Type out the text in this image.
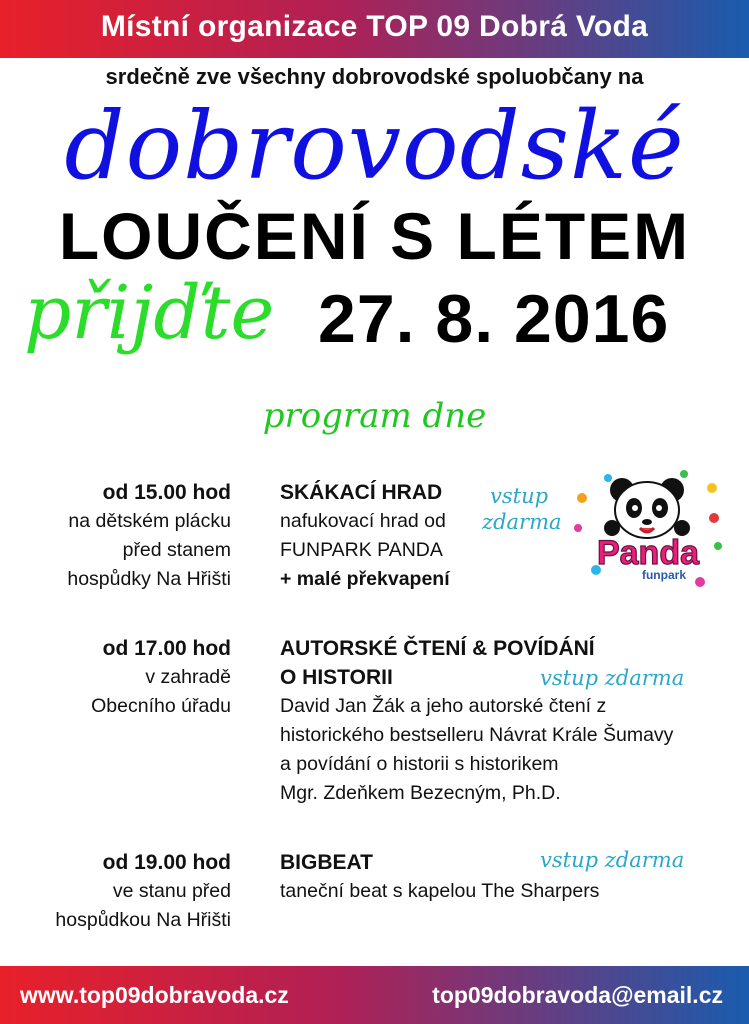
Místní organizace TOP 09 Dobrá Voda
srdečně zve všechny dobrovodské spoluobčany na
dobrovodské
LOUČENÍ S LÉTEM
přijďte 27. 8. 2016
program dne
od 15.00 hod
na dětském plácku
před stanem
hospůdky Na Hřišti
SKÁKACÍ HRAD
nafukovací hrad od
FUNPARK PANDA
+ malé překvapení
vstup
zdarma
Panda
funpark
od 17.00 hod
v zahradě
Obecního úřadu
AUTORSKÉ ČTENÍ & POVÍDÁNÍ
O HISTORII
David Jan Žák a jeho autorské čtení z
historického bestselleru Návrat Krále Šumavy
a povídání o historii s historikem
Mgr. Zdeňkem Bezecným, Ph.D.
vstup zdarma
od 19.00 hod
ve stanu před
hospůdkou Na Hřišti
BIGBEAT
taneční beat s kapelou The Sharpers
vstup zdarma
www.top09dobravoda.cz	top09dobravoda@email.cz
